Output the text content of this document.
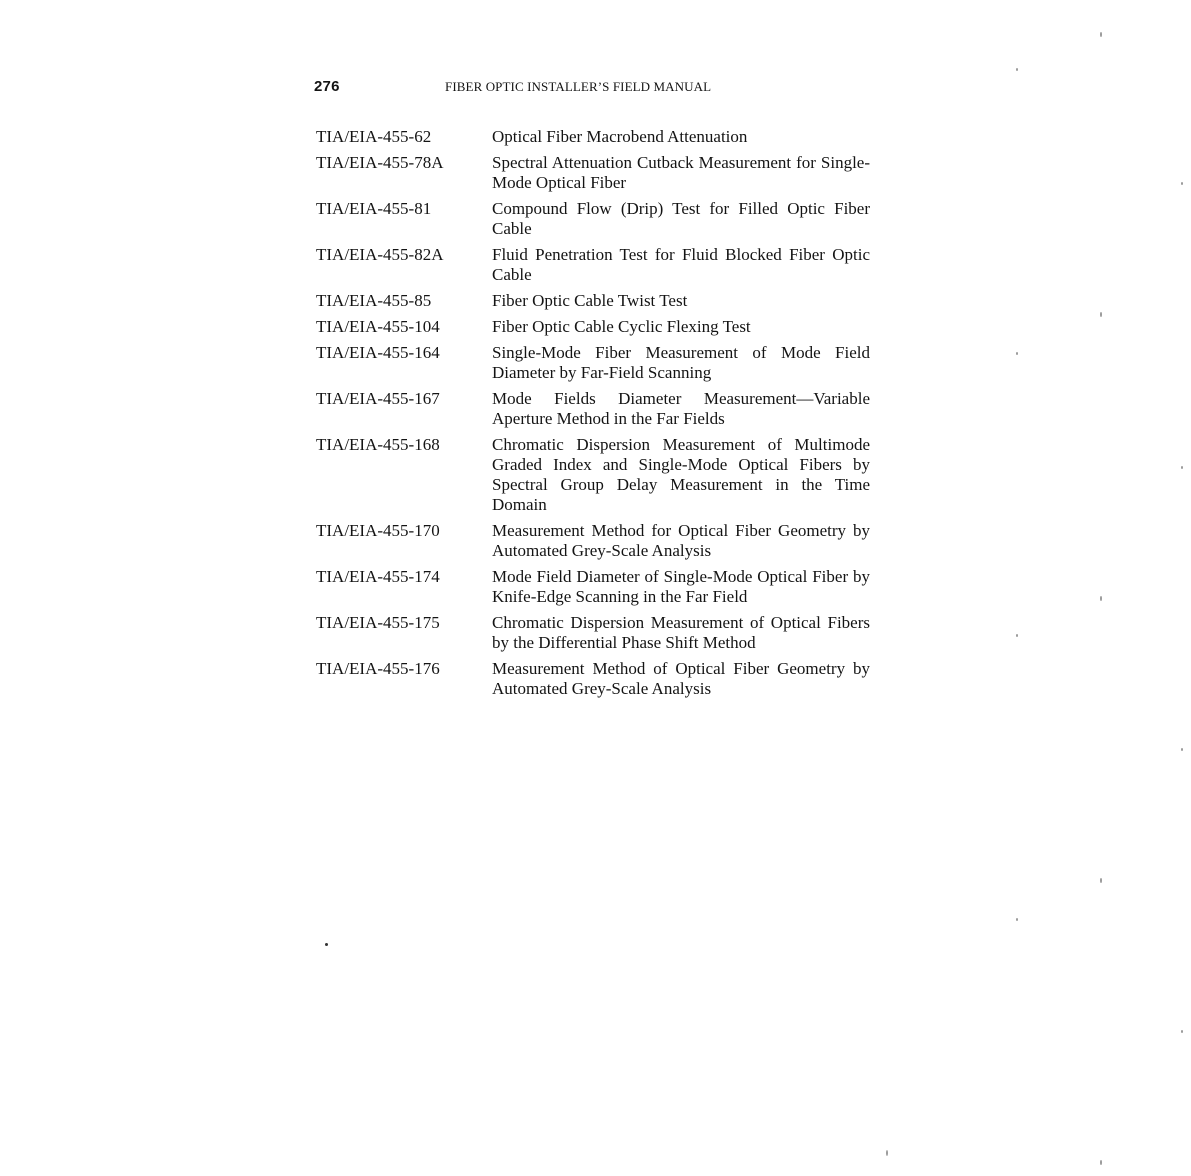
276	FIBER OPTIC INSTALLER’S FIELD MANUAL
TIA/EIA-455-62	Optical Fiber Macrobend Attenuation
TIA/EIA-455-78A	Spectral Attenuation Cutback Measurement for Single-Mode Optical Fiber
TIA/EIA-455-81	Compound Flow (Drip) Test for Filled Optic Fiber Cable
TIA/EIA-455-82A	Fluid Penetration Test for Fluid Blocked Fiber Optic Cable
TIA/EIA-455-85	Fiber Optic Cable Twist Test
TIA/EIA-455-104	Fiber Optic Cable Cyclic Flexing Test
TIA/EIA-455-164	Single-Mode Fiber Measurement of Mode Field Diameter by Far-Field Scanning
TIA/EIA-455-167	Mode Fields Diameter Measurement—Variable Aperture Method in the Far Fields
TIA/EIA-455-168	Chromatic Dispersion Measurement of Multimode Graded Index and Single-Mode Optical Fibers by Spectral Group Delay Measurement in the Time Domain
TIA/EIA-455-170	Measurement Method for Optical Fiber Geometry by Automated Grey-Scale Analysis
TIA/EIA-455-174	Mode Field Diameter of Single-Mode Optical Fiber by Knife-Edge Scanning in the Far Field
TIA/EIA-455-175	Chromatic Dispersion Measurement of Optical Fibers by the Differential Phase Shift Method
TIA/EIA-455-176	Measurement Method of Optical Fiber Geometry by Automated Grey-Scale Analysis
